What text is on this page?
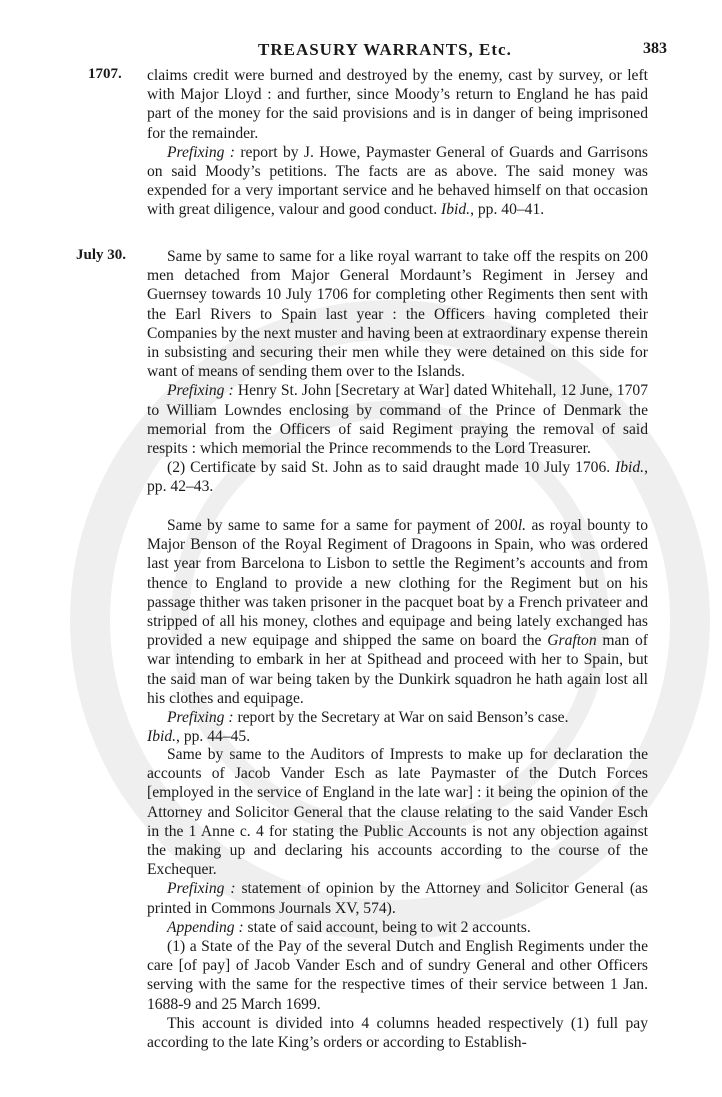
TREASURY WARRANTS, Etc.	383
1707.
July 30.

claims credit were burned and destroyed by the enemy, cast by survey, or left with Major Lloyd : and further, since Moody’s return to England he has paid part of the money for the said provisions and is in danger of being imprisoned for the remainder.

Prefixing : report by J. Howe, Paymaster General of Guards and Garrisons on said Moody’s petitions. The facts are as above. The said money was expended for a very important service and he behaved himself on that occasion with great diligence, valour and good conduct. Ibid., pp. 40–41.

Same by same to same for a like royal warrant to take off the respits on 200 men detached from Major General Mordaunt’s Regiment in Jersey and Guernsey towards 10 July 1706 for completing other Regiments then sent with the Earl Rivers to Spain last year : the Officers having completed their Companies by the next muster and having been at extraordinary expense therein in subsisting and securing their men while they were detained on this side for want of means of sending them over to the Islands.

Prefixing : Henry St. John [Secretary at War] dated Whitehall, 12 June, 1707 to William Lowndes enclosing by command of the Prince of Denmark the memorial from the Officers of said Regiment praying the removal of said respits : which memorial the Prince recommends to the Lord Treasurer.

(2) Certificate by said St. John as to said draught made 10 July 1706. Ibid., pp. 42–43.

Same by same to same for a same for payment of 200l. as royal bounty to Major Benson of the Royal Regiment of Dragoons in Spain, who was ordered last year from Barcelona to Lisbon to settle the Regiment’s accounts and from thence to England to provide a new clothing for the Regiment but on his passage thither was taken prisoner in the pacquet boat by a French privateer and stripped of all his money, clothes and equipage and being lately exchanged has provided a new equipage and shipped the same on board the Grafton man of war intending to embark in her at Spithead and proceed with her to Spain, but the said man of war being taken by the Dunkirk squadron he hath again lost all his clothes and equipage.

Prefixing : report by the Secretary at War on said Benson’s case.
Ibid., pp. 44–45.

Same by same to the Auditors of Imprests to make up for declaration the accounts of Jacob Vander Esch as late Paymaster of the Dutch Forces [employed in the service of England in the late war] : it being the opinion of the Attorney and Solicitor General that the clause relating to the said Vander Esch in the 1 Anne c. 4 for stating the Public Accounts is not any objection against the making up and declaring his accounts according to the course of the Exchequer.

Prefixing : statement of opinion by the Attorney and Solicitor General (as printed in Commons Journals XV, 574).

Appending : state of said account, being to wit 2 accounts.

(1) a State of the Pay of the several Dutch and English Regiments under the care [of pay] of Jacob Vander Esch and of sundry General and other Officers serving with the same for the respective times of their service between 1 Jan. 1688-9 and 25 March 1699.

This account is divided into 4 columns headed respectively (1) full pay according to the late King’s orders or according to Establish-
